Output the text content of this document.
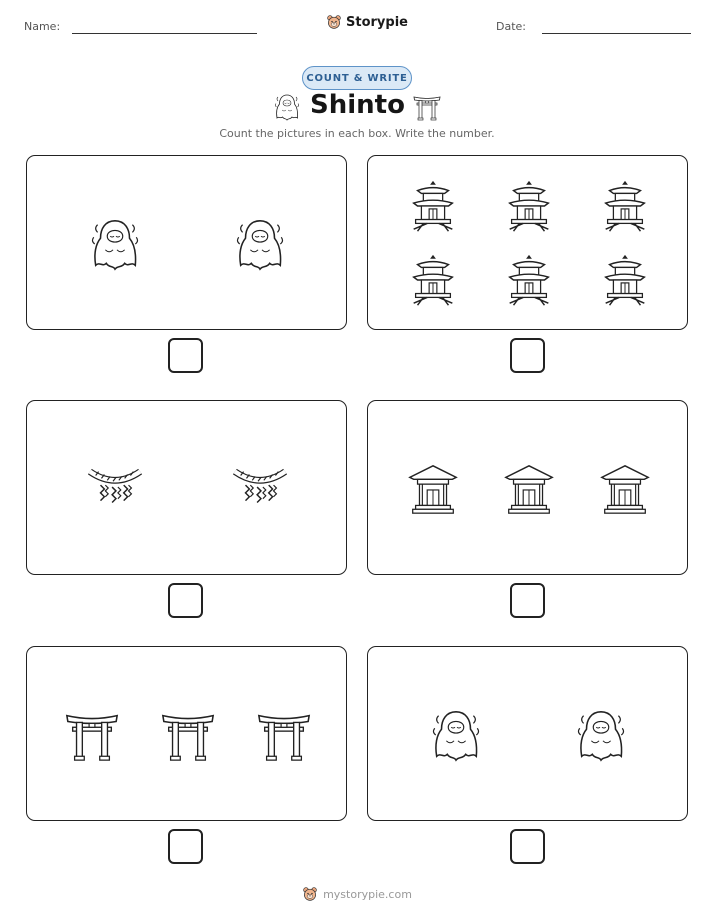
Name:	Storypie	Date:
COUNT & WRITE
Shinto
Count the pictures in each box. Write the number.
mystorypie.com
